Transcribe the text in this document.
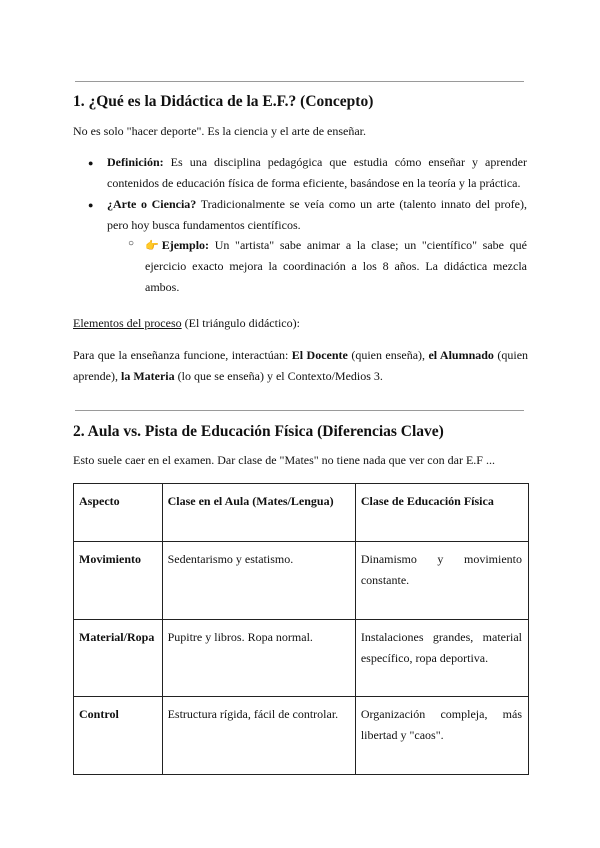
1. ¿Qué es la Didáctica de la E.F.? (Concepto)

No es solo "hacer deporte". Es la ciencia y el arte de enseñar.

● Definición: Es una disciplina pedagógica que estudia cómo enseñar y aprender contenidos de educación física de forma eficiente, basándose en la teoría y la práctica.

● ¿Arte o Ciencia? Tradicionalmente se veía como un arte (talento innato del profe), pero hoy busca fundamentos científicos.

○ 👉 Ejemplo: Un "artista" sabe animar a la clase; un "científico" sabe qué ejercicio exacto mejora la coordinación a los 8 años. La didáctica mezcla ambos.

Elementos del proceso (El triángulo didáctico):

Para que la enseñanza funcione, interactúan: El Docente (quien enseña), el Alumnado (quien aprende), la Materia (lo que se enseña) y el Contexto/Medios 3.

2. Aula vs. Pista de Educación Física (Diferencias Clave)

Esto suele caer en el examen. Dar clase de "Mates" no tiene nada que ver con dar E.F ...

Aspecto	Clase en el Aula (Mates/Lengua)	Clase de Educación Física
Movimiento	Sedentarismo y estatismo.	Dinamismo y movimiento constante.
Material/Ropa	Pupitre y libros. Ropa normal.	Instalaciones grandes, material específico, ropa deportiva.
Control	Estructura rígida, fácil de controlar.	Organización compleja, más libertad y "caos".
